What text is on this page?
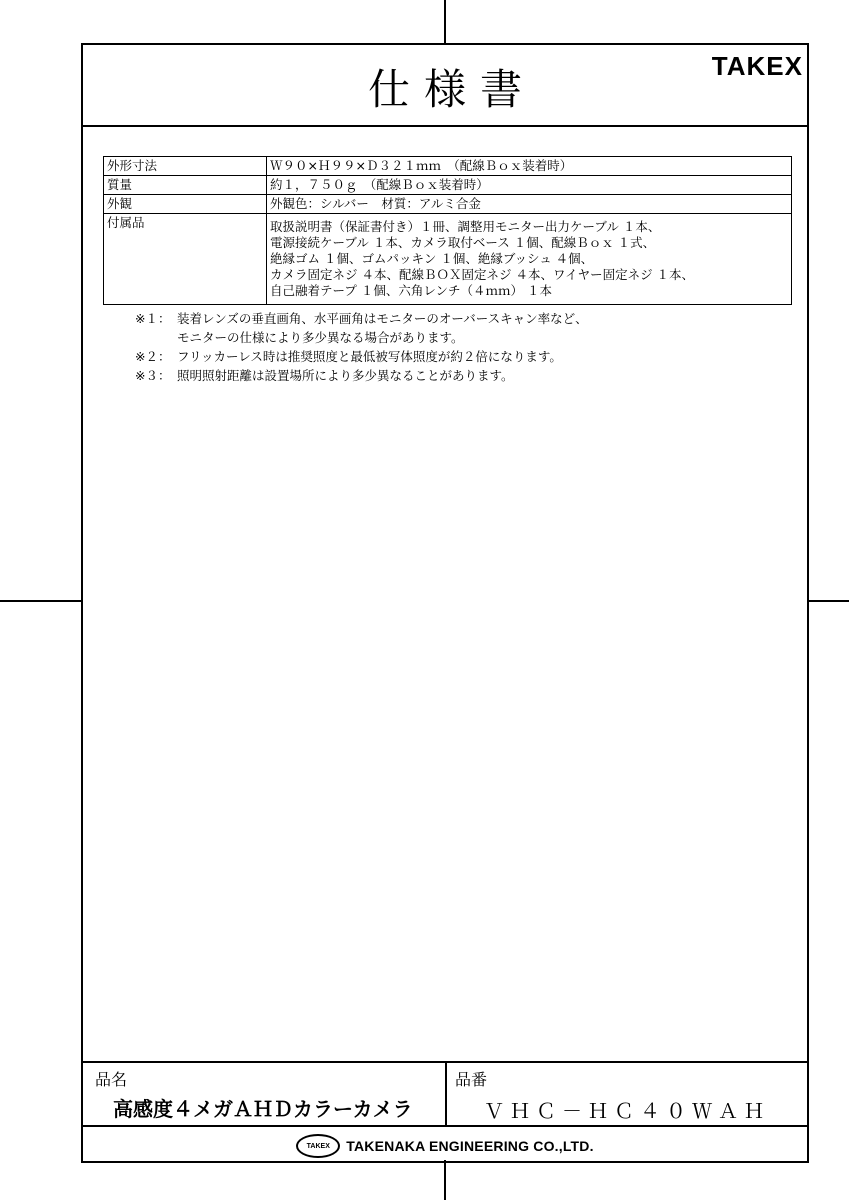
仕様書	TAKEX
外形寸法	Ｗ９０×Ｈ９９×Ｄ３２１ｍｍ　（配線Ｂｏｘ装着時）
質量	約１，７５０ｇ　（配線Ｂｏｘ装着時）
外観	外観色：シルバー　材質：アルミ合金
付属品	取扱説明書（保証書付き）１冊、調整用モニター出力ケーブル １本、
電源接続ケーブル １本、カメラ取付ベース １個、配線Ｂｏｘ １式、
絶縁ゴム １個、ゴムパッキン １個、絶縁ブッシュ ４個、
カメラ固定ネジ ４本、配線ＢＯＸ固定ネジ ４本、ワイヤー固定ネジ １本、
自己融着テープ １個、六角レンチ（４ｍｍ） １本
※１： 装着レンズの垂直画角、水平画角はモニターのオーバースキャン率など、
モニターの仕様により多少異なる場合があります。
※２： フリッカーレス時は推奨照度と最低被写体照度が約２倍になります。
※３： 照明照射距離は設置場所により多少異なることがあります。
品名
高感度４メガＡＨＤカラーカメラ
品番
ＶＨＣ－ＨＣ４０ＷＡＨ
TAKEX	TAKENAKA ENGINEERING CO.,LTD.
